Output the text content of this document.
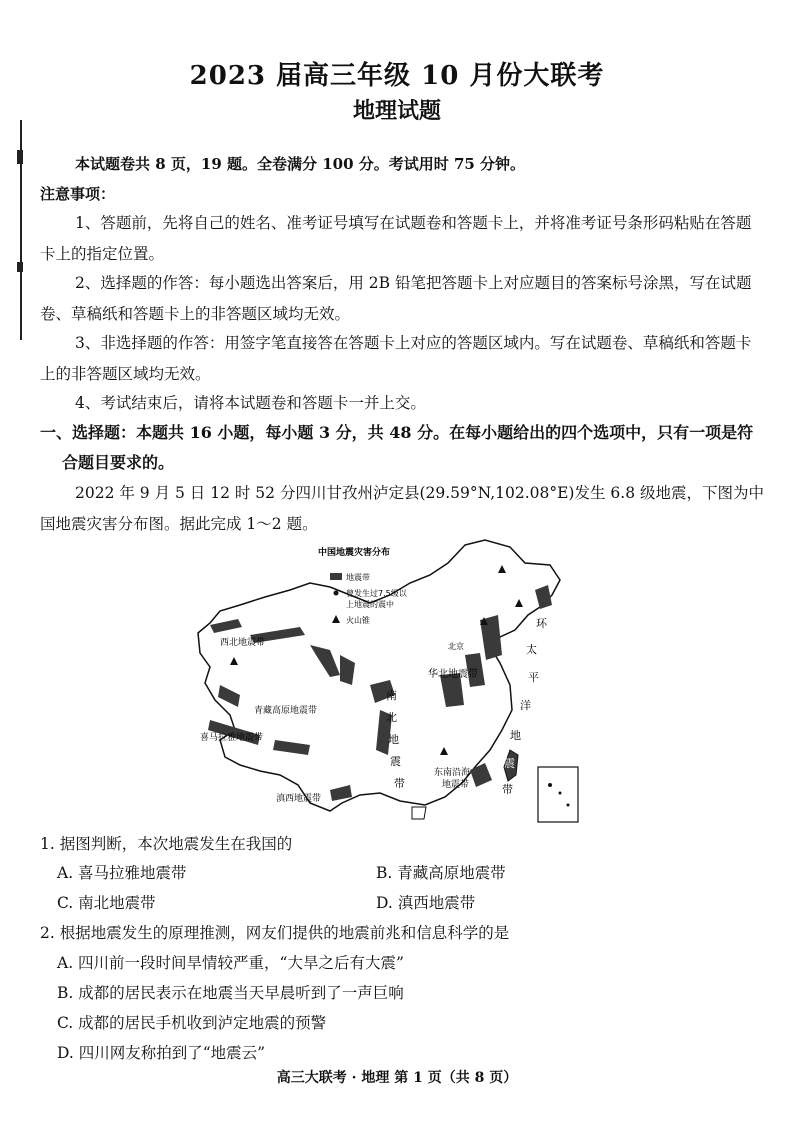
2023 届高三年级 10 月份大联考
地理试题
本试题卷共 8 页，19 题。全卷满分 100 分。考试用时 75 分钟。
注意事项：
1、答题前，先将自己的姓名、准考证号填写在试题卷和答题卡上，并将准考证号条形码粘贴在答题卡上的指定位置。
2、选择题的作答：每小题选出答案后，用 2B 铅笔把答题卡上对应题目的答案标号涂黑，写在试题卷、草稿纸和答题卡上的非答题区域均无效。
3、非选择题的作答：用签字笔直接答在答题卡上对应的答题区域内。写在试题卷、草稿纸和答题卡上的非答题区域均无效。
4、考试结束后，请将本试题卷和答题卡一并上交。
一、选择题：本题共 16 小题，每小题 3 分，共 48 分。在每小题给出的四个选项中，只有一项是符
合题目要求的。
2022 年 9 月 5 日 12 时 52 分四川甘孜州泸定县(29.59°N,102.08°E)发生 6.8 级地震，下图为中国地震灾害分布图。据此完成 1～2 题。
中国地震灾害分布
地震带
曾发生过7.5级以
上地震的震中
火山锥
西北地震带	北京
华北地震带
环
太
平
洋
地
震
带
青藏高原地震带
喜马拉雅地震带
南
北
地
震
带
东南沿海
地震带
滇西地震带
1. 据图判断，本次地震发生在我国的
A. 喜马拉雅地震带	B. 青藏高原地震带
C. 南北地震带	D. 滇西地震带
2. 根据地震发生的原理推测，网友们提供的地震前兆和信息科学的是
A. 四川前一段时间旱情较严重，“大旱之后有大震”
B. 成都的居民表示在地震当天早晨听到了一声巨响
C. 成都的居民手机收到泸定地震的预警
D. 四川网友称拍到了“地震云”
高三大联考 · 地理 第 1 页（共 8 页）
